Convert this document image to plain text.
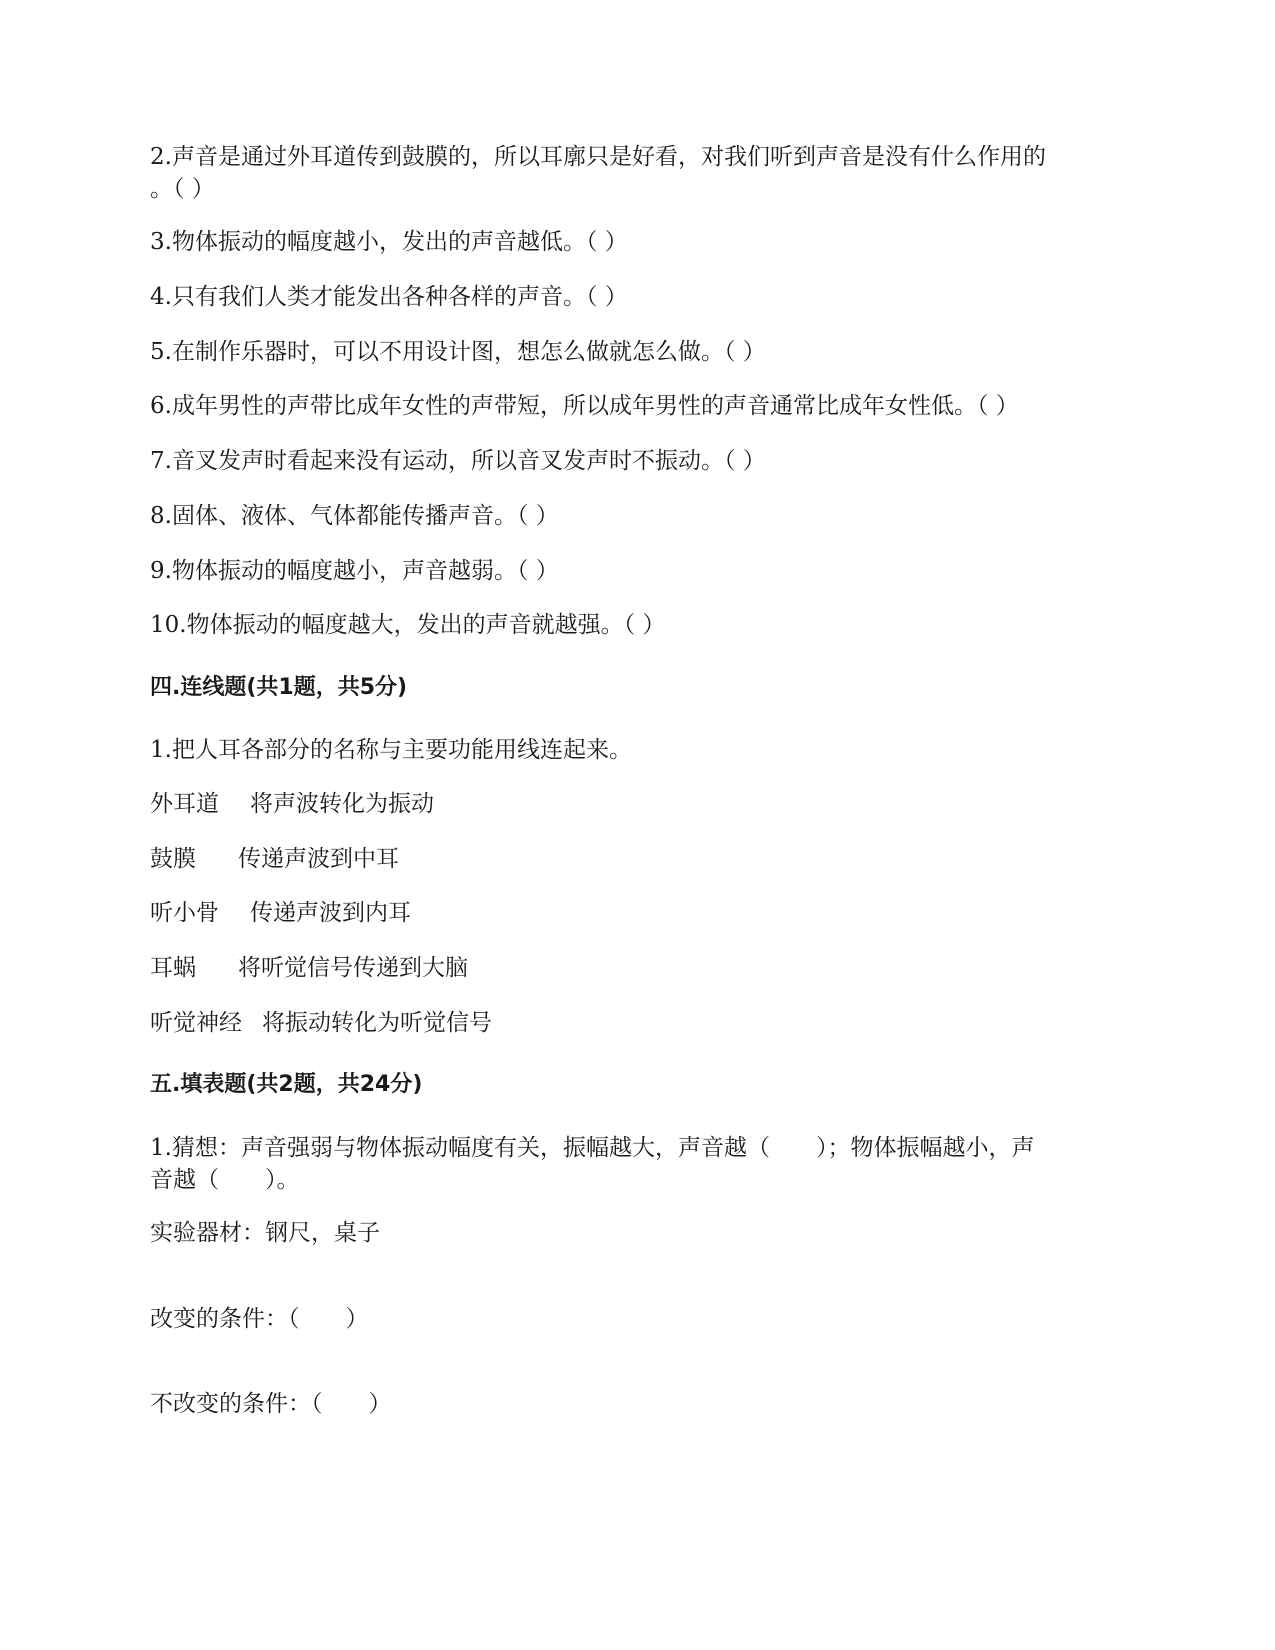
2.声音是通过外耳道传到鼓膜的，所以耳廓只是好看，对我们听到声音是没有什么作用的
。（ ）
3.物体振动的幅度越小，发出的声音越低。（ ）
4.只有我们人类才能发出各种各样的声音。（ ）
5.在制作乐器时，可以不用设计图，想怎么做就怎么做。（ ）
6.成年男性的声带比成年女性的声带短，所以成年男性的声音通常比成年女性低。（ ）
7.音叉发声时看起来没有运动，所以音叉发声时不振动。（ ）
8.固体、液体、气体都能传播声音。（ ）
9.物体振动的幅度越小，声音越弱。（ ）
10.物体振动的幅度越大，发出的声音就越强。（ ）
四.连线题(共1题，共5分)
1.把人耳各部分的名称与主要功能用线连起来。
外耳道 将声波转化为振动
鼓膜 传递声波到中耳
听小骨 传递声波到内耳
耳蜗 将听觉信号传递到大脑
听觉神经 将振动转化为听觉信号
五.填表题(共2题，共24分)
1.猜想：声音强弱与物体振动幅度有关，振幅越大，声音越（　　）；物体振幅越小，声
音越（　　）。
实验器材：钢尺，桌子
改变的条件：（　　）
不改变的条件：（　　）
